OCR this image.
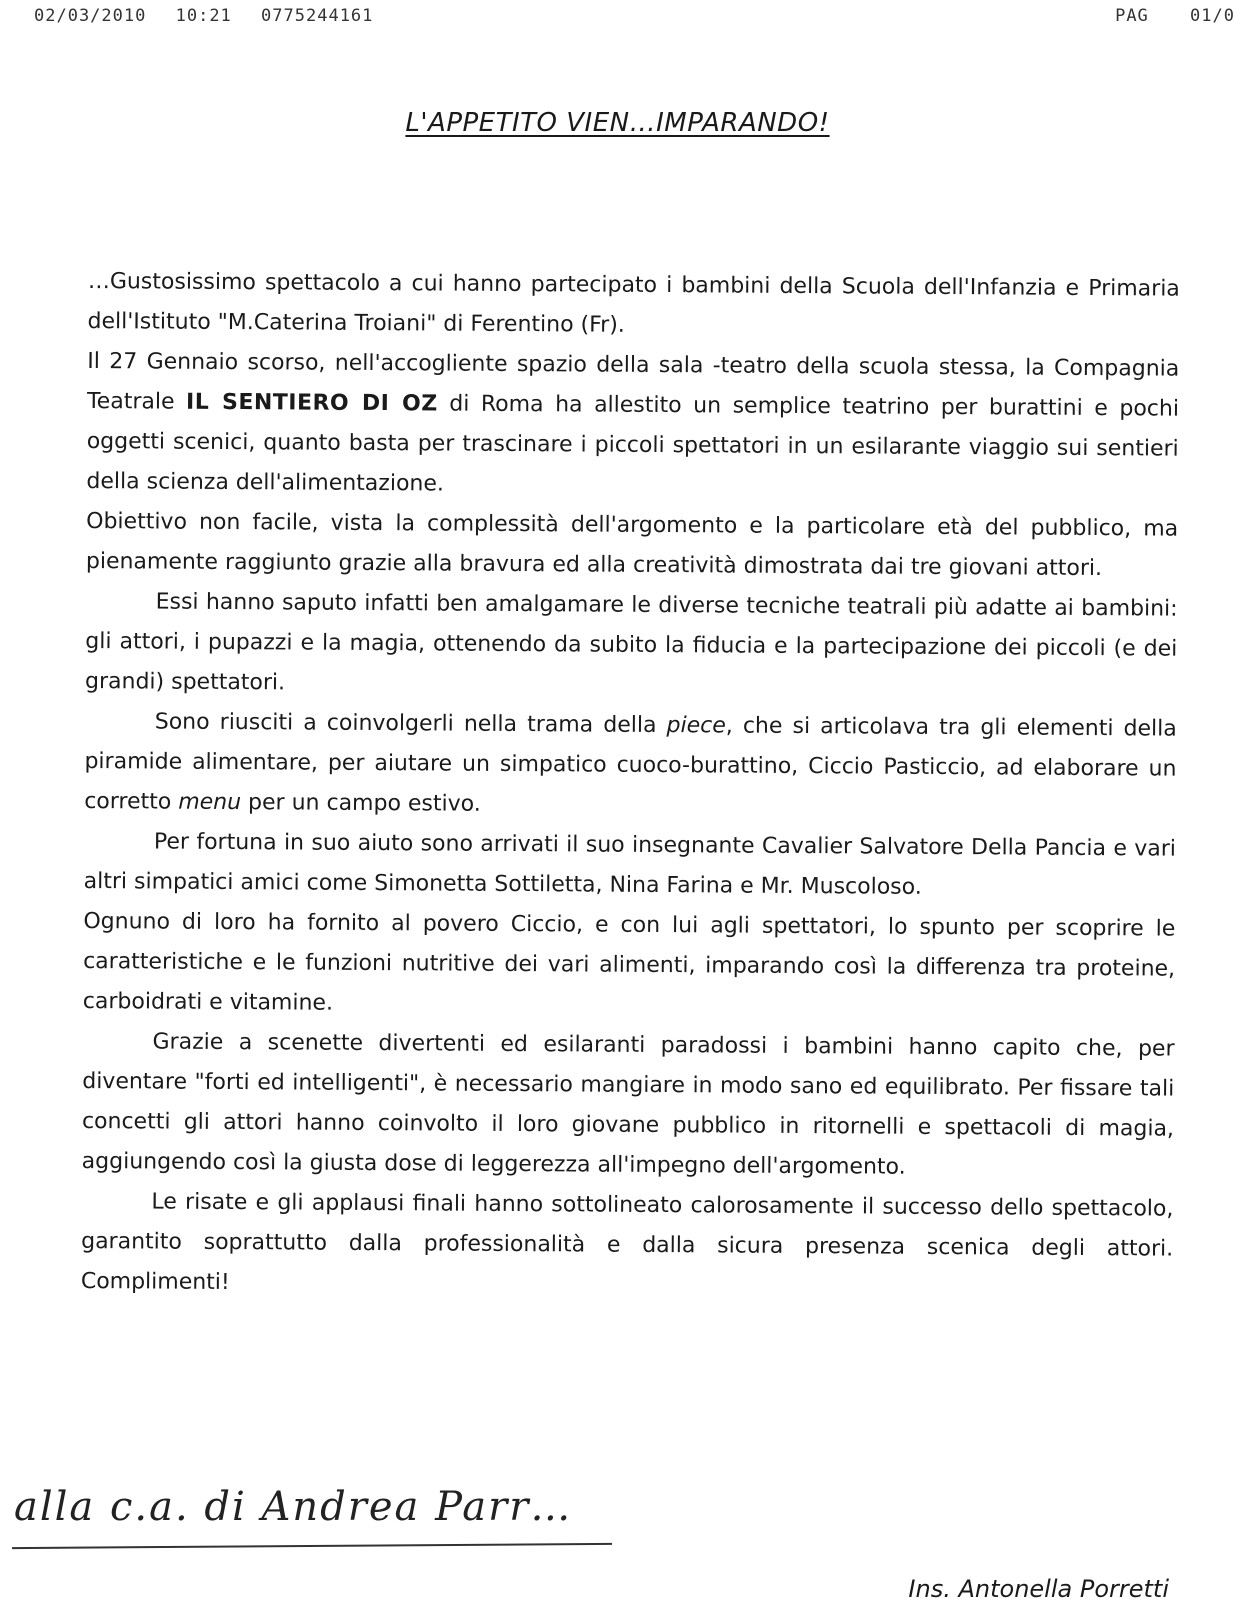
02/03/2010 10:21 0775244161	PAG 01/0
L'APPETITO VIEN…IMPARANDO!

…Gustosissimo spettacolo a cui hanno partecipato i bambini della Scuola dell'Infanzia e Primaria dell'Istituto "M.Caterina Troiani" di Ferentino (Fr).

Il 27 Gennaio scorso, nell'accogliente spazio della sala -teatro della scuola stessa, la Compagnia Teatrale IL SENTIERO DI OZ di Roma ha allestito un semplice teatrino per burattini e pochi oggetti scenici, quanto basta per trascinare i piccoli spettatori in un esilarante viaggio sui sentieri della scienza dell'alimentazione.

Obiettivo non facile, vista la complessità dell'argomento e la particolare età del pubblico, ma pienamente raggiunto grazie alla bravura ed alla creatività dimostrata dai tre giovani attori.

Essi hanno saputo infatti ben amalgamare le diverse tecniche teatrali più adatte ai bambini: gli attori, i pupazzi e la magia, ottenendo da subito la fiducia e la partecipazione dei piccoli (e dei grandi) spettatori.

Sono riusciti a coinvolgerli nella trama della piece, che si articolava tra gli elementi della piramide alimentare, per aiutare un simpatico cuoco-burattino, Ciccio Pasticcio, ad elaborare un corretto menu per un campo estivo.

Per fortuna in suo aiuto sono arrivati il suo insegnante Cavalier Salvatore Della Pancia e vari altri simpatici amici come Simonetta Sottiletta, Nina Farina e Mr. Muscoloso.

Ognuno di loro ha fornito al povero Ciccio, e con lui agli spettatori, lo spunto per scoprire le caratteristiche e le funzioni nutritive dei vari alimenti, imparando così la differenza tra proteine, carboidrati e vitamine.

Grazie a scenette divertenti ed esilaranti paradossi i bambini hanno capito che, per diventare "forti ed intelligenti", è necessario mangiare in modo sano ed equilibrato. Per fissare tali concetti gli attori hanno coinvolto il loro giovane pubblico in ritornelli e spettacoli di magia, aggiungendo così la giusta dose di leggerezza all'impegno dell'argomento.

Le risate e gli applausi finali hanno sottolineato calorosamente il successo dello spettacolo, garantito soprattutto dalla professionalità e dalla sicura presenza scenica degli attori. Complimenti!

alla c.a. di Andrea Parr…
Ins. Antonella Porretti
